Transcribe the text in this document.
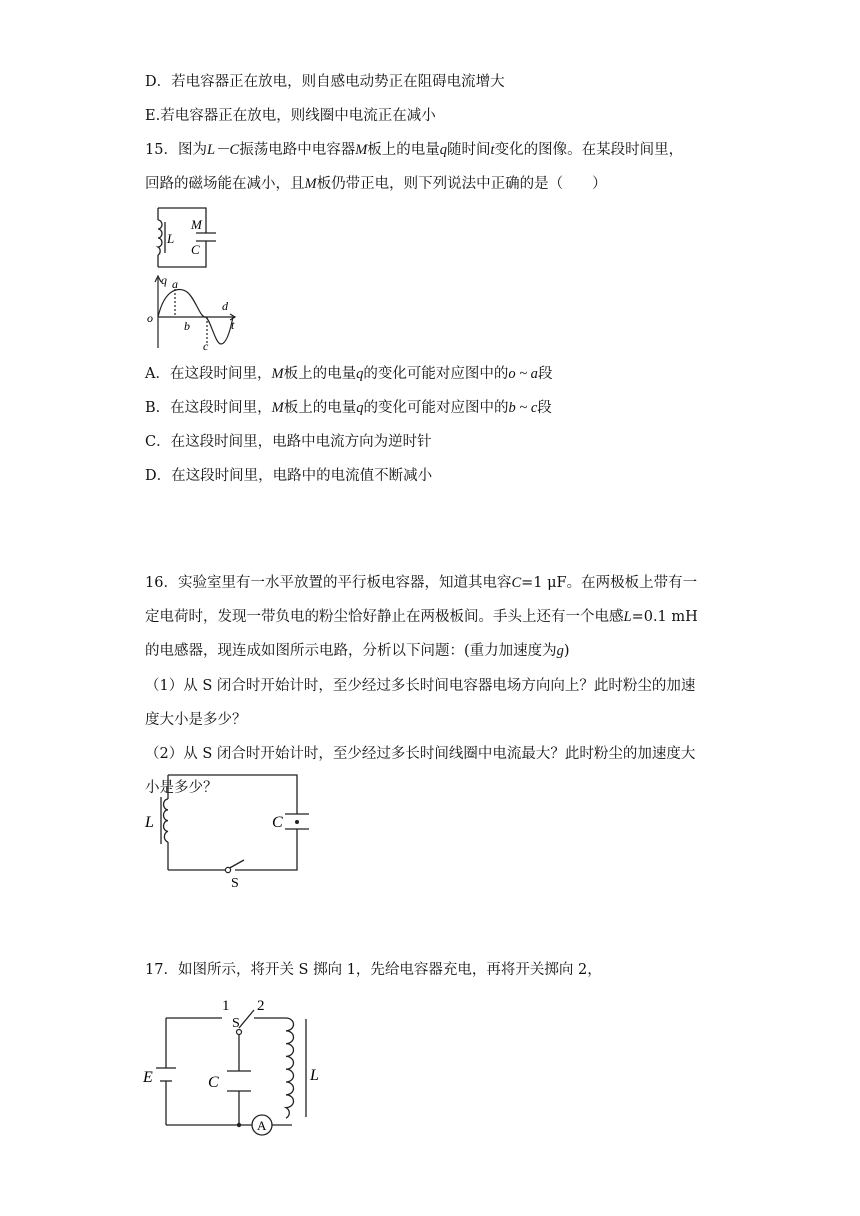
D．若电容器正在放电，则自感电动势正在阻碍电流增大
E.若电容器正在放电，则线圈中电流正在减小
15．图为L－C振荡电路中电容器M板上的电量q随时间t变化的图像。在某段时间里，
回路的磁场能在减小，且M板仍带正电，则下列说法中正确的是（　　）
L
M
C
q a
o
b
c
d
t
A．在这段时间里，M板上的电量q的变化可能对应图中的o ~ a段
B．在这段时间里，M板上的电量q的变化可能对应图中的b ~ c段
C．在这段时间里，电路中电流方向为逆时针
D．在这段时间里，电路中的电流值不断减小
16．实验室里有一水平放置的平行板电容器，知道其电容C=1 μF。在两极板上带有一
定电荷时，发现一带负电的粉尘恰好静止在两极板间。手头上还有一个电感L=0.1 mH
的电感器，现连成如图所示电路，分析以下问题：(重力加速度为g)
（1）从 S 闭合时开始计时，至少经过多长时间电容器电场方向向上？此时粉尘的加速
度大小是多少？
（2）从 S 闭合时开始计时，至少经过多长时间线圈中电流最大？此时粉尘的加速度大
小是多少？
L	C
S
17．如图所示，将开关 S 掷向 1，先给电容器充电，再将开关掷向 2，
1 2
S
E	C	L
A
